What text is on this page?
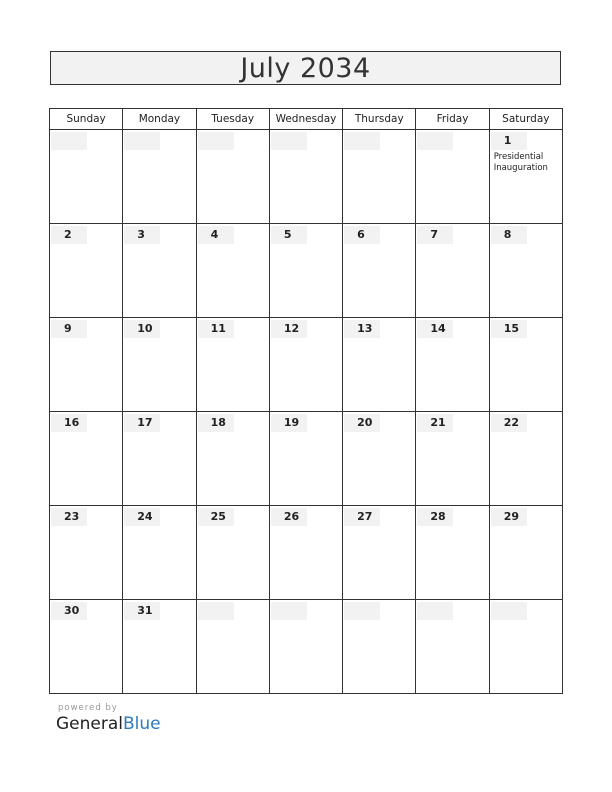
July 2034
Sunday	Monday	Tuesday	Wednesday	Thursday	Friday	Saturday

						1
Presidential Inauguration

2	3	4	5	6	7	8

9	10	11	12	13	14	15

16	17	18	19	20	21	22

23	24	25	26	27	28	29

30	31					

powered by
GeneralBlue
